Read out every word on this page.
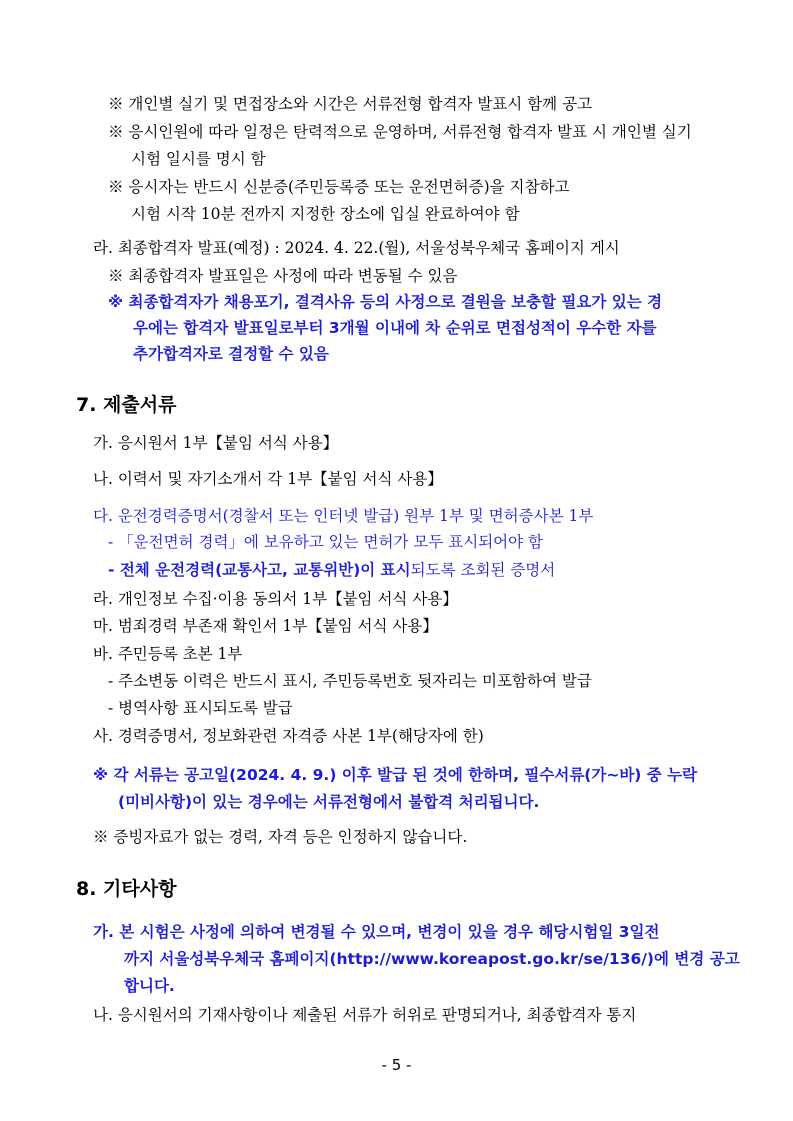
※ 개인별 실기 및 면접장소와 시간은 서류전형 합격자 발표시 함께 공고
※ 응시인원에 따라 일정은 탄력적으로 운영하며, 서류전형 합격자 발표 시 개인별 실기
시험 일시를 명시 함
※ 응시자는 반드시 신분증(주민등록증 또는 운전면허증)을 지참하고
시험 시작 10분 전까지 지정한 장소에 입실 완료하여야 함
라. 최종합격자 발표(예정) : 2024. 4. 22.(월), 서울성북우체국 홈페이지 게시
※ 최종합격자 발표일은 사정에 따라 변동될 수 있음
※ 최종합격자가 채용포기, 결격사유 등의 사정으로 결원을 보충할 필요가 있는 경
우에는 합격자 발표일로부터 3개월 이내에 차 순위로 면접성적이 우수한 자를
추가합격자로 결정할 수 있음
7. 제출서류
가. 응시원서 1부【붙임 서식 사용】
나. 이력서 및 자기소개서 각 1부【붙임 서식 사용】
다. 운전경력증명서(경찰서 또는 인터넷 발급) 원부 1부 및 면허증사본 1부
- 「운전면허 경력」에 보유하고 있는 면허가 모두 표시되어야 함
- 전체 운전경력(교통사고, 교통위반)이 표시되도록 조회된 증명서
라. 개인정보 수집·이용 동의서 1부【붙임 서식 사용】
마. 범죄경력 부존재 확인서 1부【붙임 서식 사용】
바. 주민등록 초본 1부
- 주소변동 이력은 반드시 표시, 주민등록번호 뒷자리는 미포함하여 발급
- 병역사항 표시되도록 발급
사. 경력증명서, 정보화관련 자격증 사본 1부(해당자에 한)
※ 각 서류는 공고일(2024. 4. 9.) 이후 발급 된 것에 한하며, 필수서류(가~바) 중 누락
(미비사항)이 있는 경우에는 서류전형에서 불합격 처리됩니다.
※ 증빙자료가 없는 경력, 자격 등은 인정하지 않습니다.
8. 기타사항
가. 본 시험은 사정에 의하여 변경될 수 있으며, 변경이 있을 경우 해당시험일 3일전
까지 서울성북우체국 홈페이지(http://www.koreapost.go.kr/se/136/)에 변경 공고
합니다.
나. 응시원서의 기재사항이나 제출된 서류가 허위로 판명되거나, 최종합격자 통지
- 5 -
